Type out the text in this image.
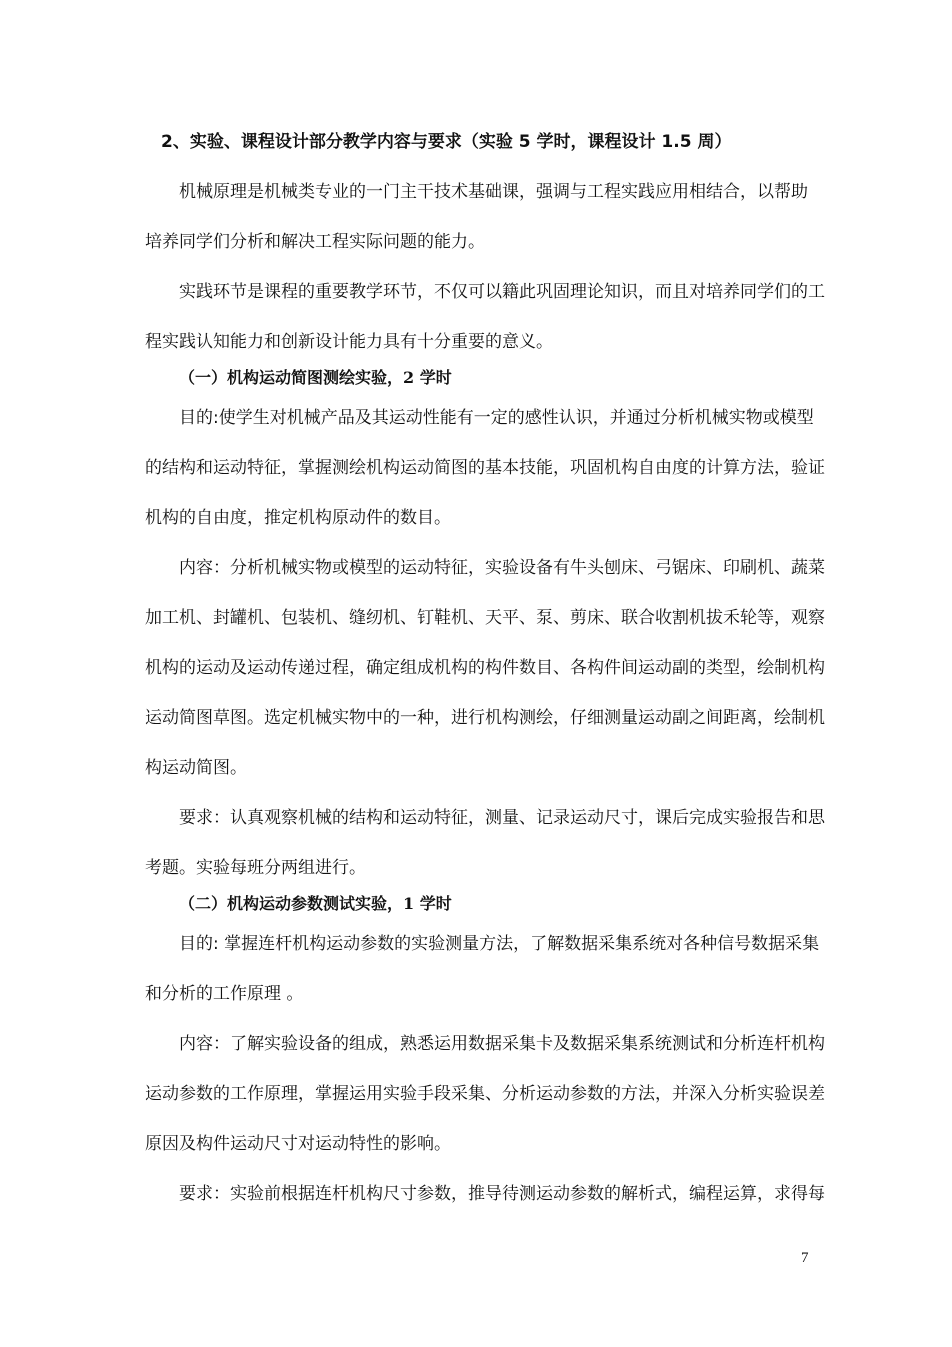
2、实验、课程设计部分教学内容与要求（实验 5 学时，课程设计 1.5 周）
机械原理是机械类专业的一门主干技术基础课，强调与工程实践应用相结合，以帮助
培养同学们分析和解决工程实际问题的能力。
实践环节是课程的重要教学环节，不仅可以籍此巩固理论知识，而且对培养同学们的工
程实践认知能力和创新设计能力具有十分重要的意义。
（一）机构运动简图测绘实验，2 学时
目的:使学生对机械产品及其运动性能有一定的感性认识，并通过分析机械实物或模型
的结构和运动特征，掌握测绘机构运动简图的基本技能，巩固机构自由度的计算方法，验证
机构的自由度，推定机构原动件的数目。
内容：分析机械实物或模型的运动特征，实验设备有牛头刨床、弓锯床、印刷机、蔬菜
加工机、封罐机、包装机、缝纫机、钉鞋机、天平、泵、剪床、联合收割机拔禾轮等，观察
机构的运动及运动传递过程，确定组成机构的构件数目、各构件间运动副的类型，绘制机构
运动简图草图。选定机械实物中的一种，进行机构测绘，仔细测量运动副之间距离，绘制机
构运动简图。
要求：认真观察机械的结构和运动特征，测量、记录运动尺寸，课后完成实验报告和思
考题。实验每班分两组进行。
（二）机构运动参数测试实验，1 学时
目的: 掌握连杆机构运动参数的实验测量方法，了解数据采集系统对各种信号数据采集
和分析的工作原理 。
内容：了解实验设备的组成，熟悉运用数据采集卡及数据采集系统测试和分析连杆机构
运动参数的工作原理，掌握运用实验手段采集、分析运动参数的方法，并深入分析实验误差
原因及构件运动尺寸对运动特性的影响。
要求：实验前根据连杆机构尺寸参数，推导待测运动参数的解析式，编程运算，求得每
7
